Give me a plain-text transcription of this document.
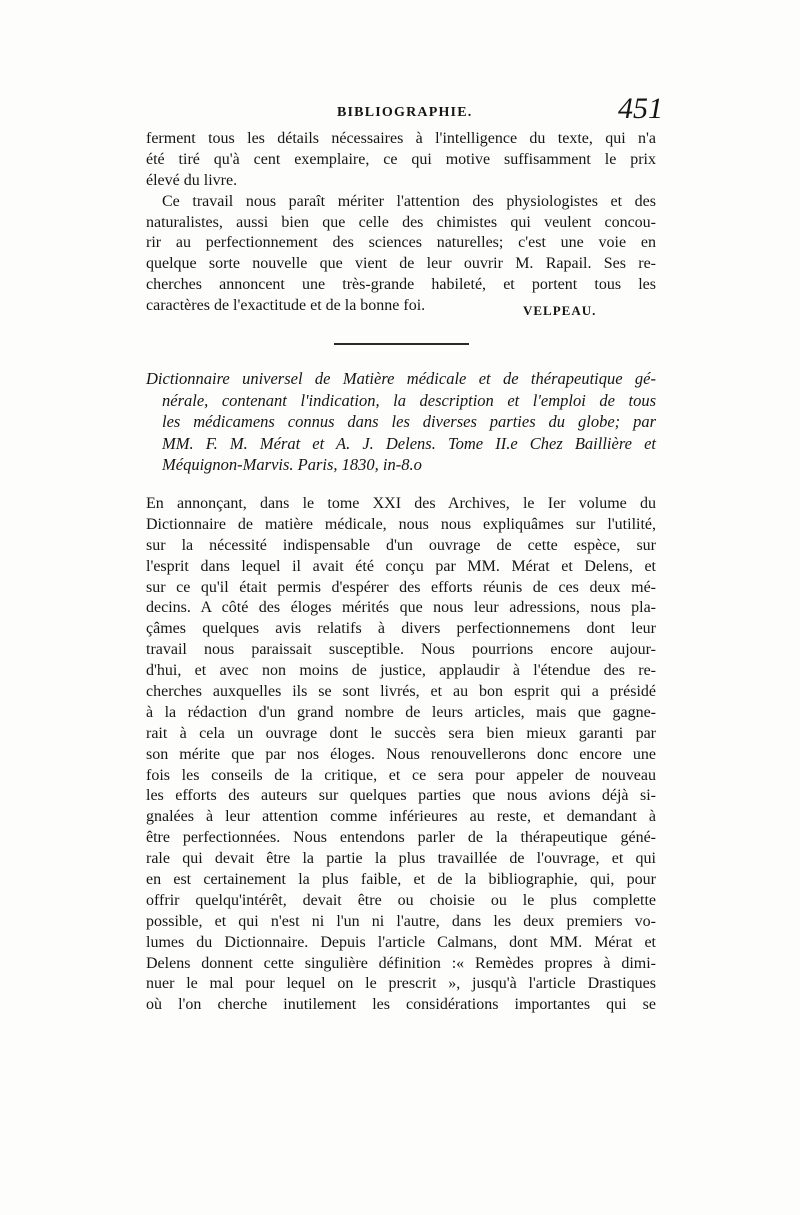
BIBLIOGRAPHIE.	451
ferment tous les détails nécessaires à l'intelligence du texte, qui n'a
été tiré qu'à cent exemplaire, ce qui motive suffisamment le prix
élevé du livre.
Ce travail nous paraît mériter l'attention des physiologistes et des
naturalistes, aussi bien que celle des chimistes qui veulent concou-
rir au perfectionnement des sciences naturelles; c'est une voie en
quelque sorte nouvelle que vient de leur ouvrir M. Rapail. Ses re-
cherches annoncent une très-grande habileté, et portent tous les
caractères de l'exactitude et de la bonne foi.	VELPEAU.
Dictionnaire universel de Matière médicale et de thérapeutique gé-
nérale, contenant l'indication, la description et l'emploi de tous
les médicamens connus dans les diverses parties du globe; par
MM. F. M. Mérat et A. J. Delens. Tome II.e Chez Baillière et
Méquignon-Marvis. Paris, 1830, in-8.o
En annonçant, dans le tome XXI des Archives, le Ier volume du
Dictionnaire de matière médicale, nous nous expliquâmes sur l'utilité,
sur la nécessité indispensable d'un ouvrage de cette espèce, sur
l'esprit dans lequel il avait été conçu par MM. Mérat et Delens, et
sur ce qu'il était permis d'espérer des efforts réunis de ces deux mé-
decins. A côté des éloges mérités que nous leur adressions, nous pla-
çâmes quelques avis relatifs à divers perfectionnemens dont leur
travail nous paraissait susceptible. Nous pourrions encore aujour-
d'hui, et avec non moins de justice, applaudir à l'étendue des re-
cherches auxquelles ils se sont livrés, et au bon esprit qui a présidé
à la rédaction d'un grand nombre de leurs articles, mais que gagne-
rait à cela un ouvrage dont le succès sera bien mieux garanti par
son mérite que par nos éloges. Nous renouvellerons donc encore une
fois les conseils de la critique, et ce sera pour appeler de nouveau
les efforts des auteurs sur quelques parties que nous avions déjà si-
gnalées à leur attention comme inférieures au reste, et demandant à
être perfectionnées. Nous entendons parler de la thérapeutique géné-
rale qui devait être la partie la plus travaillée de l'ouvrage, et qui
en est certainement la plus faible, et de la bibliographie, qui, pour
offrir quelqu'intérêt, devait être ou choisie ou le plus complette
possible, et qui n'est ni l'un ni l'autre, dans les deux premiers vo-
lumes du Dictionnaire. Depuis l'article Calmans, dont MM. Mérat et
Delens donnent cette singulière définition :« Remèdes propres à dimi-
nuer le mal pour lequel on le prescrit », jusqu'à l'article Drastiques
où l'on cherche inutilement les considérations importantes qui se
